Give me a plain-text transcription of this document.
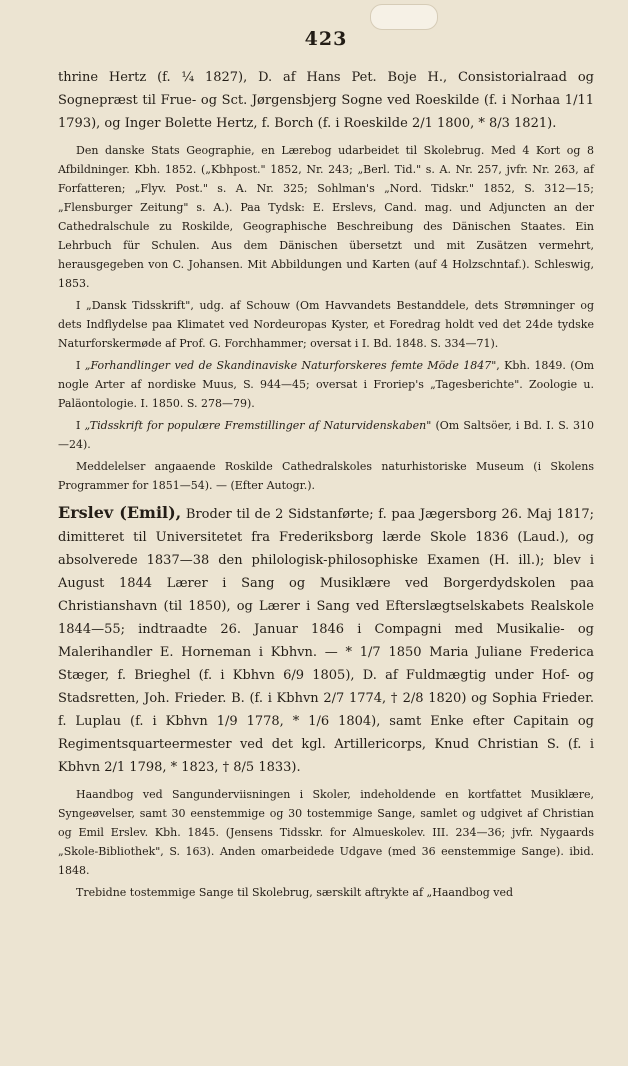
423

thrine Hertz (f. ¼ 1827), D. af Hans Pet. Boje H., Consistorialraad og Sognepræst til Frue- og Sct. Jørgensbjerg Sogne ved Roeskilde (f. i Norhaa 1/11 1793), og Inger Bolette Hertz, f. Borch (f. i Roeskilde 2/1 1800, * 8/3 1821).

Den danske Stats Geographie, en Lærebog udarbeidet til Skolebrug. Med 4 Kort og 8 Afbildninger. Kbh. 1852. („Kbhpost." 1852, Nr. 243; „Berl. Tid." s. A. Nr. 257, jvfr. Nr. 263, af Forfatteren; „Flyv. Post." s. A. Nr. 325; Sohlman's „Nord. Tidskr." 1852, S. 312—15; „Flensburger Zeitung" s. A.). Paa Tydsk: E. Erslevs, Cand. mag. und Adjuncten an der Cathedralschule zu Roskilde, Geographische Beschreibung des Dänischen Staates. Ein Lehrbuch für Schulen. Aus dem Dänischen übersetzt und mit Zusätzen vermehrt, herausgegeben von C. Johansen. Mit Abbildungen und Karten (auf 4 Holzschntaf.). Schleswig, 1853.

I „Dansk Tidsskrift", udg. af Schouw (Om Havvandets Bestanddele, dets Strømninger og dets Indflydelse paa Klimatet ved Nordeuropas Kyster, et Foredrag holdt ved det 24de tydske Naturforskermøde af Prof. G. Forchhammer; oversat i I. Bd. 1848. S. 334—71).

I „Forhandlinger ved de Skandinaviske Naturforskeres femte Möde 1847", Kbh. 1849. (Om nogle Arter af nordiske Muus, S. 944—45; oversat i Froriep's „Tagesberichte". Zoologie u. Paläontologie. I. 1850. S. 278—79).

I „Tidsskrift for populære Fremstillinger af Naturvidenskaben" (Om Saltsöer, i Bd. I. S. 310—24).

Meddelelser angaaende Roskilde Cathedralskoles naturhistoriske Museum (i Skolens Programmer for 1851—54). — (Efter Autogr.).

Erslev (Emil), Broder til de 2 Sidstanførte; f. paa Jægersborg 26. Maj 1817; dimitteret til Universitetet fra Frederiksborg lærde Skole 1836 (Laud.), og absolverede 1837—38 den philologisk-philosophiske Examen (H. ill.); blev i August 1844 Lærer i Sang og Musiklære ved Borgerdydskolen paa Christianshavn (til 1850), og Lærer i Sang ved Efterslægtselskabets Realskole 1844—55; indtraadte 26. Januar 1846 i Compagni med Musikalie- og Malerihandler E. Horneman i Kbhvn. — * 1/7 1850 Maria Juliane Frederica Stæger, f. Brieghel (f. i Kbhvn 6/9 1805), D. af Fuldmægtig under Hof- og Stadsretten, Joh. Frieder. B. (f. i Kbhvn 2/7 1774, † 2/8 1820) og Sophia Frieder. f. Luplau (f. i Kbhvn 1/9 1778, * 1/6 1804), samt Enke efter Capitain og Regimentsquarteermester ved det kgl. Artillericorps, Knud Christian S. (f. i Kbhvn 2/1 1798, * 1823, † 8/5 1833).

Haandbog ved Sangunderviisningen i Skoler, indeholdende en kortfattet Musiklære, Syngeøvelser, samt 30 eenstemmige og 30 tostemmige Sange, samlet og udgivet af Christian og Emil Erslev. Kbh. 1845. (Jensens Tidsskr. for Almueskolev. III. 234—36; jvfr. Nygaards „Skole-Bibliothek", S. 163). Anden omarbeidede Udgave (med 36 eenstemmige Sange). ibid. 1848.

Trebidne tostemmige Sange til Skolebrug, særskilt aftrykte af „Haandbog ved
